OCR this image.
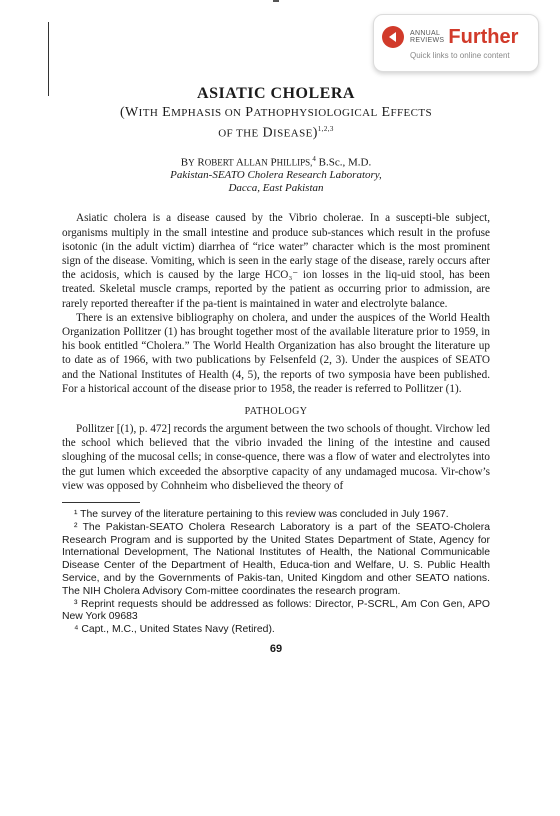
ANNUAL
REVIEWS Further
Quick links to online content
ASIATIC CHOLERA

(WITH EMPHASIS ON PATHOPHYSIOLOGICAL EFFECTS
OF THE DISEASE)$^{1,2,3}$

BY ROBERT ALLAN PHILLIPS,$^4$ B.Sc., M.D.

Pakistan-SEATO Cholera Research Laboratory,

Dacca, East Pakistan

Asiatic cholera is a disease caused by the Vibrio cholerae. In a suscepti-ble subject, organisms multiply in the small intestine and produce sub-stances which result in the profuse isotonic (in the adult victim) diarrhea of “rice water” character which is the most prominent sign of the disease. Vomiting, which is seen in the early stage of the disease, rarely occurs after the acidosis, which is caused by the large HCO₃⁻ ion losses in the liq-uid stool, has been treated. Skeletal muscle cramps, reported by the patient as occurring prior to admission, are rarely reported thereafter if the pa-tient is maintained in water and electrolyte balance.

There is an extensive bibliography on cholera, and under the auspices of the World Health Organization Pollitzer (1) has brought together most of the available literature prior to 1959, in his book entitled “Cholera.” The World Health Organization has also brought the literature up to date as of 1966, with two publications by Felsenfeld (2, 3). Under the auspices of SEATO and the National Institutes of Health (4, 5), the reports of two symposia have been published. For a historical account of the disease prior to 1958, the reader is referred to Pollitzer (1).

PATHOLOGY

Pollitzer [(1), p. 472] records the argument between the two schools of thought. Virchow led the school which believed that the vibrio invaded the lining of the intestine and caused sloughing of the mucosal cells; in conse-quence, there was a flow of water and electrolytes into the gut lumen which exceeded the absorptive capacity of any undamaged mucosa. Vir-chow’s view was opposed by Cohnheim who disbelieved the theory of

¹ The survey of the literature pertaining to this review was concluded in July 1967.

² The Pakistan-SEATO Cholera Research Laboratory is a part of the SEATO-Cholera Research Program and is supported by the United States Department of State, Agency for International Development, The National Institutes of Health, the National Communicable Disease Center of the Department of Health, Educa-tion and Welfare, U. S. Public Health Service, and by the Governments of Pakis-tan, United Kingdom and other SEATO nations. The NIH Cholera Advisory Com-mittee coordinates the research program.

³ Reprint requests should be addressed as follows: Director, P-SCRL, Am Con Gen, APO New York 09683

⁴ Capt., M.C., United States Navy (Retired).

69
